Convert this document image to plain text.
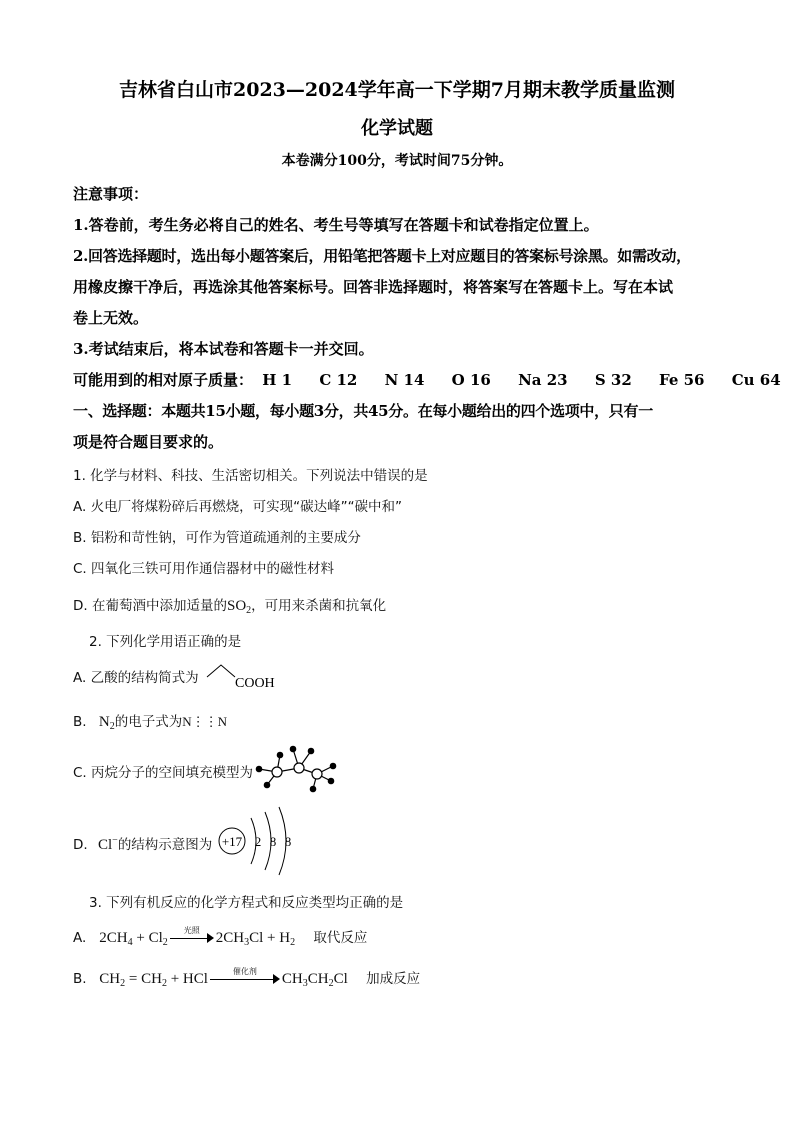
吉林省白山市2023—2024学年高一下学期7月期末教学质量监测
化学试题
本卷满分100分，考试时间75分钟。
注意事项：
1.答卷前，考生务必将自己的姓名、考生号等填写在答题卡和试卷指定位置上。
2.回答选择题时，选出每小题答案后，用铅笔把答题卡上对应题目的答案标号涂黑。如需改动，
用橡皮擦干净后，再选涂其他答案标号。回答非选择题时，将答案写在答题卡上。写在本试
卷上无效。
3.考试结束后，将本试卷和答题卡一并交回。
可能用到的相对原子质量： H 1 C 12 N 14 O 16 Na 23 S 32 Fe 56 Cu 64
一、选择题：本题共15小题，每小题3分，共45分。在每小题给出的四个选项中，只有一
项是符合题目要求的。
1. 化学与材料、科技、生活密切相关。下列说法中错误的是
A. 火电厂将煤粉碎后再燃烧，可实现“碳达峰”“碳中和”
B. 铝粉和苛性钠，可作为管道疏通剂的主要成分
C. 四氧化三铁可用作通信器材中的磁性材料
D. 在葡萄酒中添加适量的$SO_2$，可用来杀菌和抗氧化
2. 下列化学用语正确的是
A. 乙酸的结构简式为	COOH
B. $N_2$的电子式为N⋮⋮N
C. 丙烷分子的空间填充模型为
D. Cl−的结构示意图为 +17 2 8 8
3. 下列有机反应的化学方程式和反应类型均正确的是
A. $2CH_4 + Cl_2$
光照	$2CH_3Cl + H_2$ 取代反应
B. $CH_2 = CH_2$ + HCl	催化剂	$CH_3CH_2Cl$ 加成反应
